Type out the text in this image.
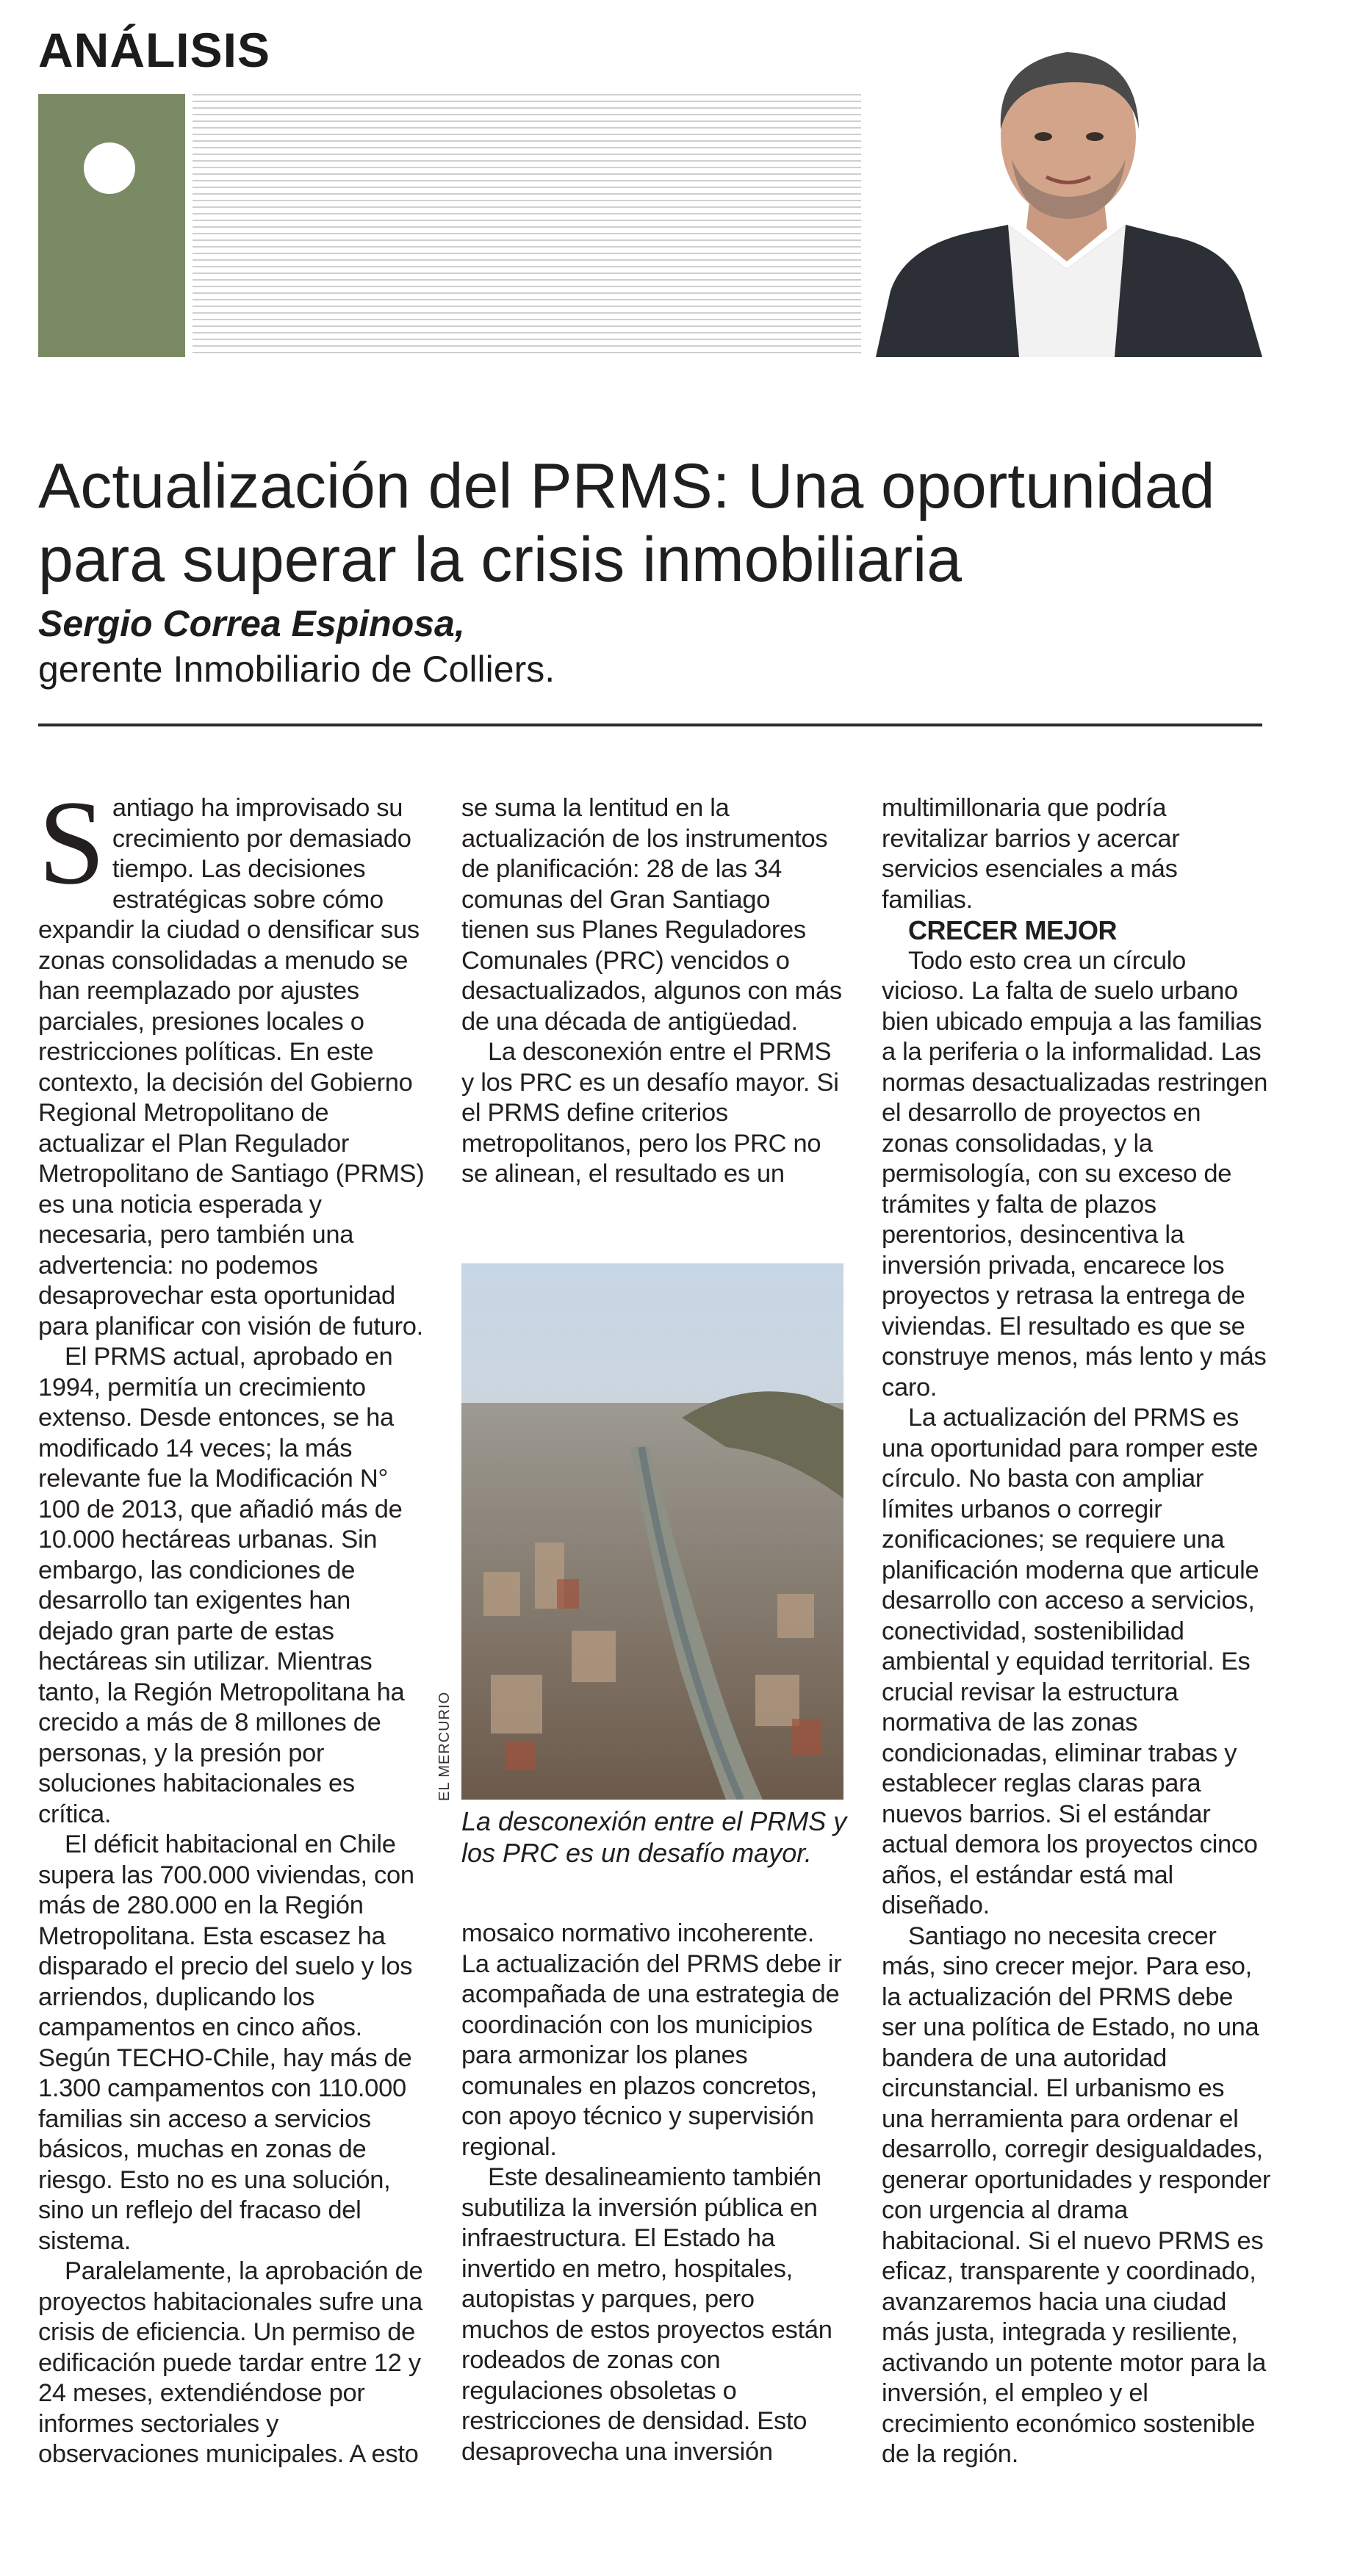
ANÁLISIS
Actualización del PRMS: Una oportunidad para superar la crisis inmobiliaria
Sergio Correa Espinosa,
gerente Inmobiliario de Colliers.

Santiago ha improvisado su crecimiento por demasiado tiempo. Las decisiones estratégicas sobre cómo expandir la ciudad o densificar sus zonas consolidadas a menudo se han reemplazado por ajustes parciales, presiones locales o restricciones políticas. En este contexto, la decisión del Gobierno Regional Metropolitano de actualizar el Plan Regulador Metropolitano de Santiago (PRMS) es una noticia esperada y necesaria, pero también una advertencia: no podemos desaprovechar esta oportunidad para planificar con visión de futuro.

El PRMS actual, aprobado en 1994, permitía un crecimiento extenso. Desde entonces, se ha modificado 14 veces; la más relevante fue la Modificación N° 100 de 2013, que añadió más de 10.000 hectáreas urbanas. Sin embargo, las condiciones de desarrollo tan exigentes han dejado gran parte de estas hectáreas sin utilizar. Mientras tanto, la Región Metropolitana ha crecido a más de 8 millones de personas, y la presión por soluciones habitacionales es crítica.

El déficit habitacional en Chile supera las 700.000 viviendas, con más de 280.000 en la Región Metropolitana. Esta escasez ha disparado el precio del suelo y los arriendos, duplicando los campamentos en cinco años. Según TECHO-Chile, hay más de 1.300 campamentos con 110.000 familias sin acceso a servicios básicos, muchas en zonas de riesgo. Esto no es una solución, sino un reflejo del fracaso del sistema.

Paralelamente, la aprobación de proyectos habitacionales sufre una crisis de eficiencia. Un permiso de edificación puede tardar entre 12 y 24 meses, extendiéndose por informes sectoriales y observaciones municipales. A esto

se suma la lentitud en la actualización de los instrumentos de planificación: 28 de las 34 comunas del Gran Santiago tienen sus Planes Reguladores Comunales (PRC) vencidos o desactualizados, algunos con más de una década de antigüedad.

La desconexión entre el PRMS y los PRC es un desafío mayor. Si el PRMS define criterios metropolitanos, pero los PRC no se alinean, el resultado es un

EL MERCURIO
La desconexión entre el PRMS y los PRC es un desafío mayor.

mosaico normativo incoherente. La actualización del PRMS debe ir acompañada de una estrategia de coordinación con los municipios para armonizar los planes comunales en plazos concretos, con apoyo técnico y supervisión regional.

Este desalineamiento también subutiliza la inversión pública en infraestructura. El Estado ha invertido en metro, hospitales, autopistas y parques, pero muchos de estos proyectos están rodeados de zonas con regulaciones obsoletas o restricciones de densidad. Esto desaprovecha una inversión

multimillonaria que podría revitalizar barrios y acercar servicios esenciales a más familias.

CRECER MEJOR

Todo esto crea un círculo vicioso. La falta de suelo urbano bien ubicado empuja a las familias a la periferia o la informalidad. Las normas desactualizadas restringen el desarrollo de proyectos en zonas consolidadas, y la permisología, con su exceso de trámites y falta de plazos perentorios, desincentiva la inversión privada, encarece los proyectos y retrasa la entrega de viviendas. El resultado es que se construye menos, más lento y más caro.

La actualización del PRMS es una oportunidad para romper este círculo. No basta con ampliar límites urbanos o corregir zonificaciones; se requiere una planificación moderna que articule desarrollo con acceso a servicios, conectividad, sostenibilidad ambiental y equidad territorial. Es crucial revisar la estructura normativa de las zonas condicionadas, eliminar trabas y establecer reglas claras para nuevos barrios. Si el estándar actual demora los proyectos cinco años, el estándar está mal diseñado.

Santiago no necesita crecer más, sino crecer mejor. Para eso, la actualización del PRMS debe ser una política de Estado, no una bandera de una autoridad circunstancial. El urbanismo es una herramienta para ordenar el desarrollo, corregir desigualdades, generar oportunidades y responder con urgencia al drama habitacional. Si el nuevo PRMS es eficaz, transparente y coordinado, avanzaremos hacia una ciudad más justa, integrada y resiliente, activando un potente motor para la inversión, el empleo y el crecimiento económico sostenible de la región.
